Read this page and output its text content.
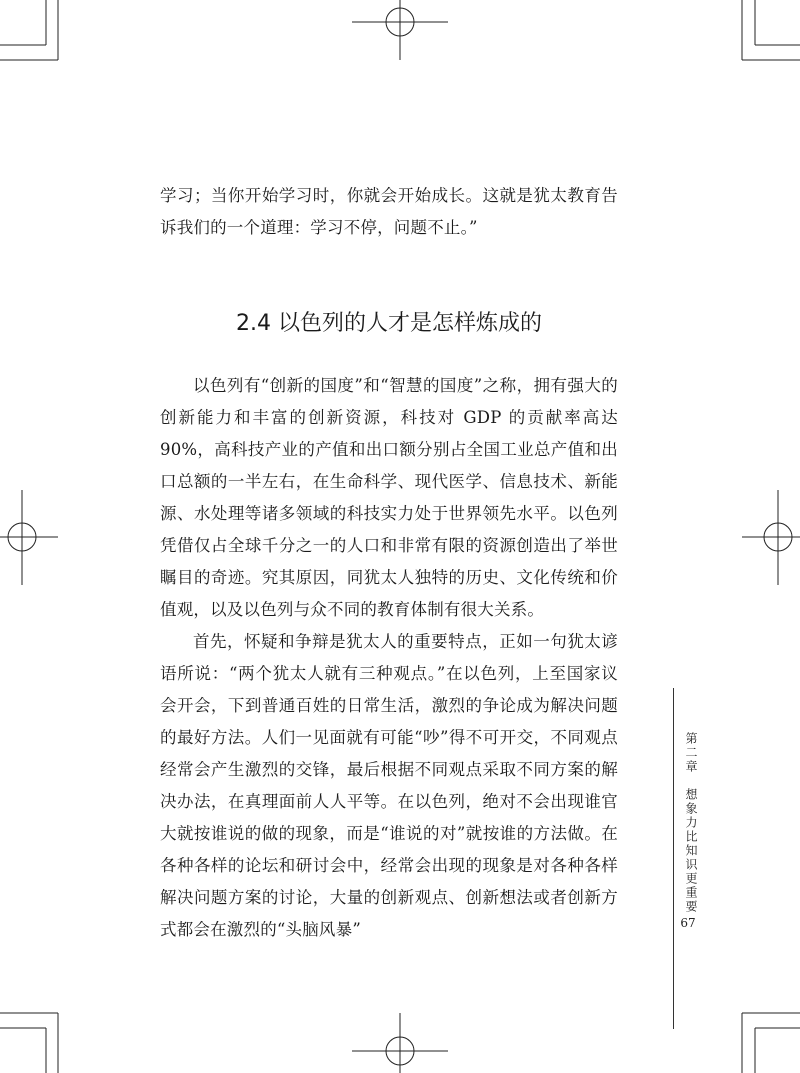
学习；当你开始学习时，你就会开始成长。这就是犹太教育告诉我们的一个道理：学习不停，问题不止。”

2.4 以色列的人才是怎样炼成的

以色列有“创新的国度”和“智慧的国度”之称，拥有强大的创新能力和丰富的创新资源，科技对 GDP 的贡献率高达 90%，高科技产业的产值和出口额分别占全国工业总产值和出口总额的一半左右，在生命科学、现代医学、信息技术、新能源、水处理等诸多领域的科技实力处于世界领先水平。以色列凭借仅占全球千分之一的人口和非常有限的资源创造出了举世瞩目的奇迹。究其原因，同犹太人独特的历史、文化传统和价值观，以及以色列与众不同的教育体制有很大关系。

首先，怀疑和争辩是犹太人的重要特点，正如一句犹太谚语所说：“两个犹太人就有三种观点。”在以色列，上至国家议会开会，下到普通百姓的日常生活，激烈的争论成为解决问题的最好方法。人们一见面就有可能“吵”得不可开交，不同观点经常会产生激烈的交锋，最后根据不同观点采取不同方案的解决办法，在真理面前人人平等。在以色列，绝对不会出现谁官大就按谁说的做的现象，而是“谁说的对”就按谁的方法做。在各种各样的论坛和研讨会中，经常会出现的现象是对各种各样解决问题方案的讨论，大量的创新观点、创新想法或者创新方式都会在激烈的“头脑风暴”

第二章 想象力比知识更重要
67
